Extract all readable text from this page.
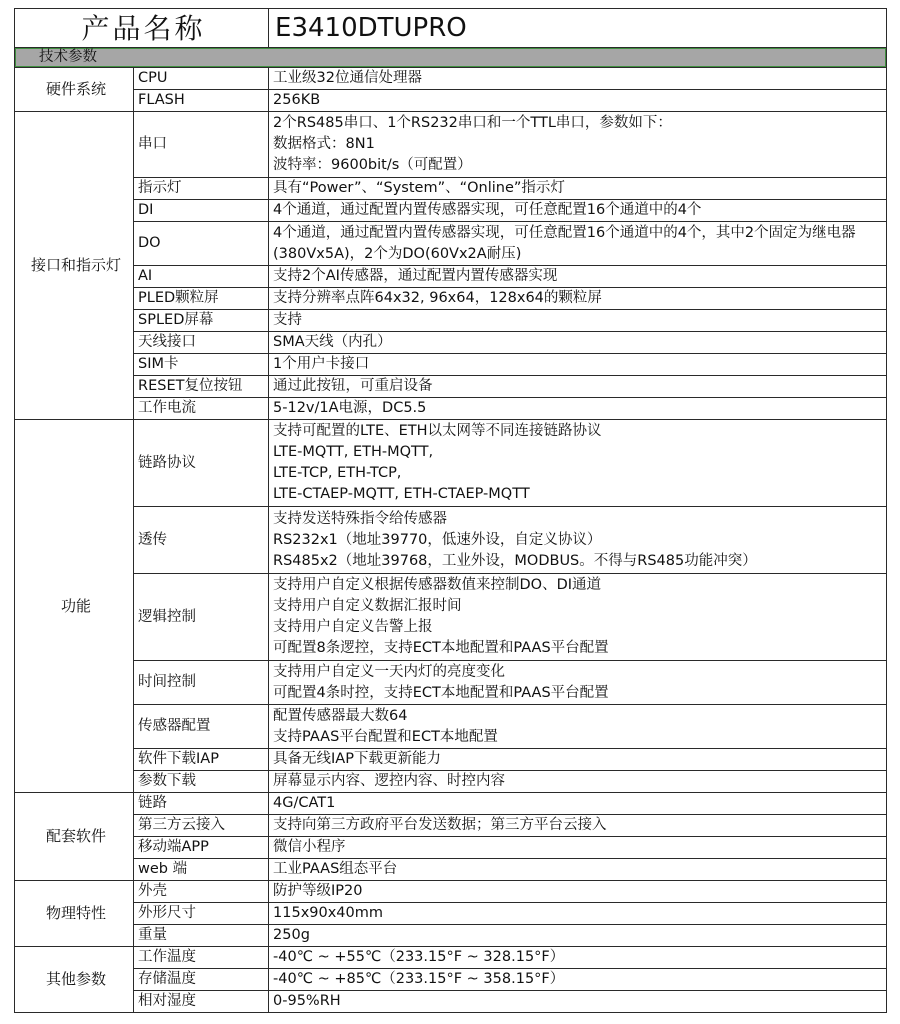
产品名称		E3410DTUPRO
技术参数		
硬件系统	CPU	工业级32位通信处理器

	FLASH	256KB

接口和指示灯	串口	2个RS485串口、1个RS232串口和一个TTL串口，参数如下：
数据格式：8N1
波特率：9600bit/s（可配置）

	指示灯	具有“Power”、“System”、“Online”指示灯

	DI	4个通道，通过配置内置传感器实现，可任意配置16个通道中的4个

	DO	4个通道，通过配置内置传感器实现，可任意配置16个通道中的4个，其中2个固定为继电器(380Vx5A)，2个为DO(60Vx2A耐压)

	AI	支持2个AI传感器，通过配置内置传感器实现

	PLED颗粒屏	支持分辨率点阵64x32, 96x64，128x64的颗粒屏

	SPLED屏幕	支持

	天线接口	SMA天线（内孔）

	SIM卡	1个用户卡接口

	RESET复位按钮	通过此按钮，可重启设备

	工作电流	5-12v/1A电源，DC5.5

功能	链路协议	支持可配置的LTE、ETH以太网等不同连接链路协议
LTE-MQTT, ETH-MQTT,
LTE-TCP, ETH-TCP,
LTE-CTAEP-MQTT, ETH-CTAEP-MQTT

	透传	支持发送特殊指令给传感器
RS232x1（地址39770，低速外设，自定义协议）
RS485x2（地址39768，工业外设，MODBUS。不得与RS485功能冲突）

	逻辑控制	支持用户自定义根据传感器数值来控制DO、DI通道
支持用户自定义数据汇报时间
支持用户自定义告警上报
可配置8条逻控，支持ECT本地配置和PAAS平台配置

	时间控制	支持用户自定义一天内灯的亮度变化
可配置4条时控，支持ECT本地配置和PAAS平台配置

	传感器配置	配置传感器最大数64
支持PAAS平台配置和ECT本地配置

	软件下载IAP	具备无线IAP下载更新能力

	参数下载	屏幕显示内容、逻控内容、时控内容

配套软件	链路	4G/CAT1

	第三方云接入	支持向第三方政府平台发送数据；第三方平台云接入

	移动端APP	微信小程序

	web 端	工业PAAS组态平台

物理特性	外壳	防护等级IP20

	外形尺寸	115x90x40mm

	重量	250g

其他参数	工作温度	-40℃ ~ +55℃（233.15°F ~ 328.15°F）

	存储温度	-40℃ ~ +85℃（233.15°F ~ 358.15°F）

	相对湿度	0-95%RH
